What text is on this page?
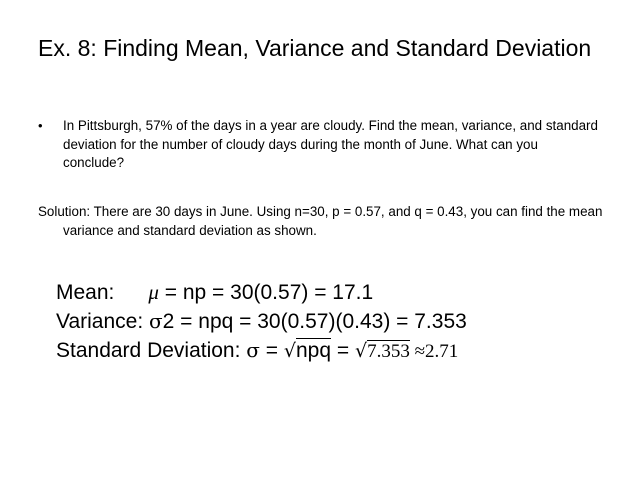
Ex. 8: Finding Mean, Variance and Standard Deviation
• In Pittsburgh, 57% of the days in a year are cloudy. Find the mean, variance, and standard deviation for the number of cloudy days during the month of June. What can you conclude?
Solution: There are 30 days in June. Using n=30, p = 0.57, and q = 0.43, you can find the mean variance and standard deviation as shown.
Mean: μ = np = 30(0.57) = 17.1
Variance: σ2 = npq = 30(0.57)(0.43) = 7.353
Standard Deviation: σ = √npq = √7.353 ≈2.71
